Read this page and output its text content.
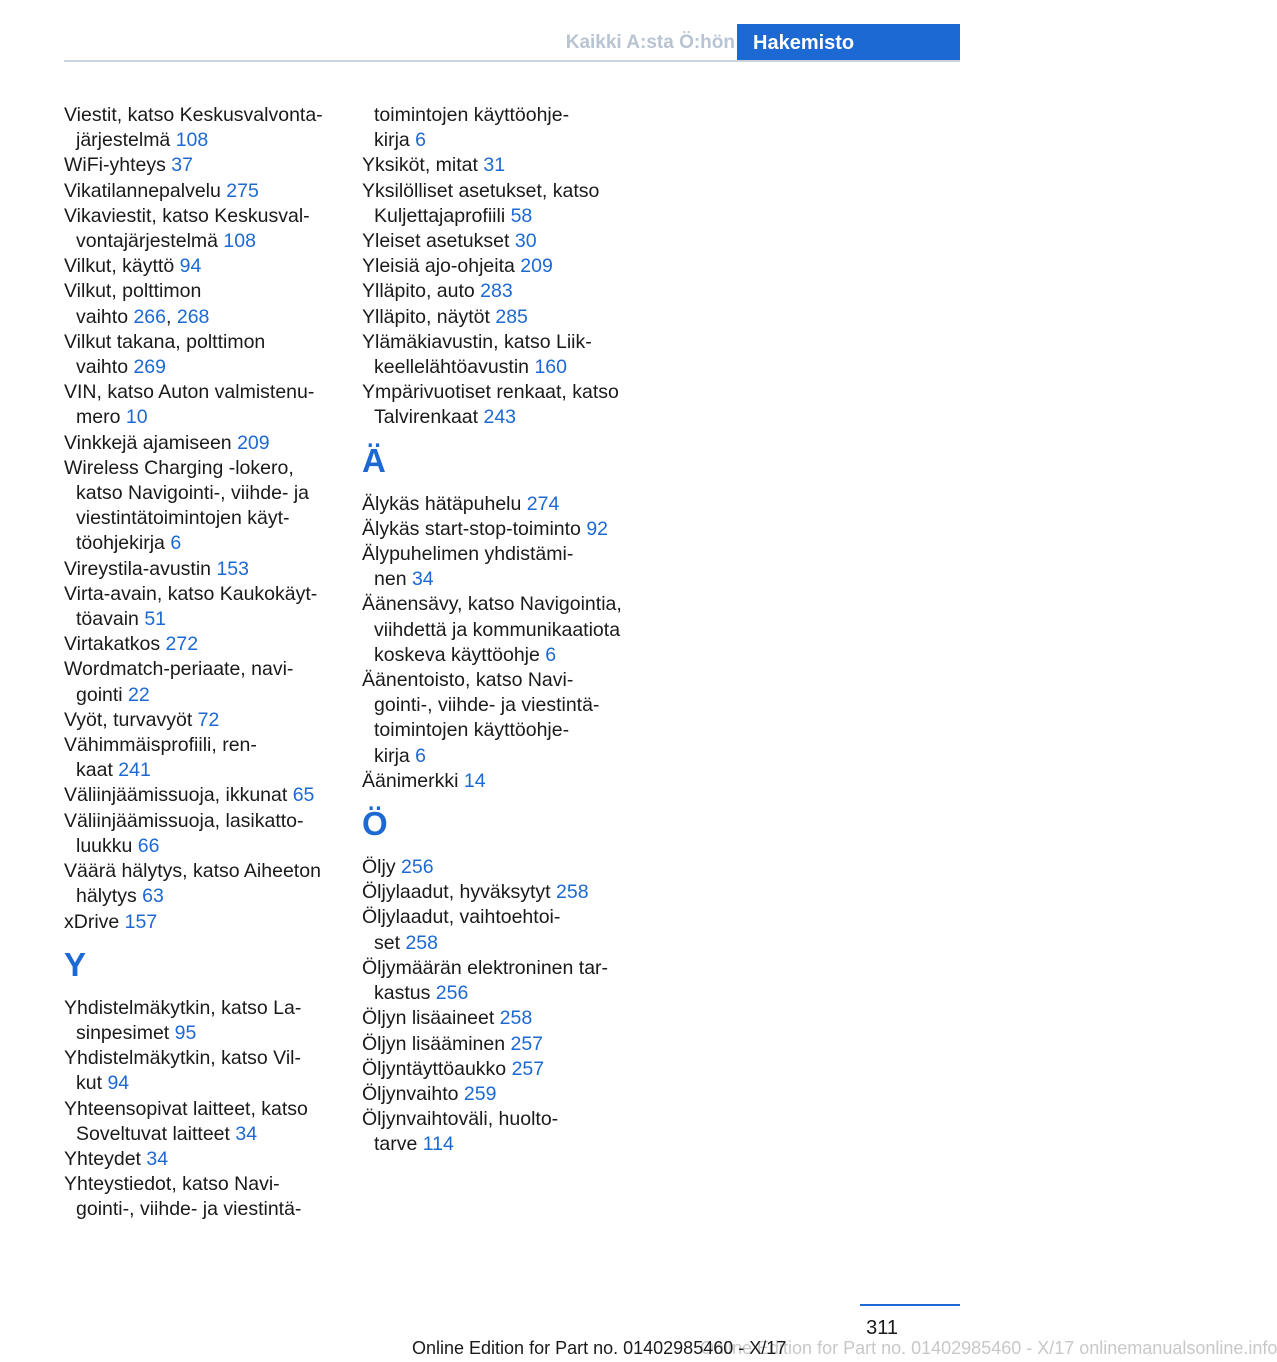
Kaikki A:sta Ö:hön Hakemisto
Viestit, katso Keskusvalvonta-
järjestelmä 108
WiFi-yhteys 37
Vikatilannepalvelu 275
Vikaviestit, katso Keskusval-
vontajärjestelmä 108
Vilkut, käyttö 94
Vilkut, polttimon
vaihto 266, 268
Vilkut takana, polttimon
vaihto 269
VIN, katso Auton valmistenu-
mero 10
Vinkkejä ajamiseen 209
Wireless Charging -lokero,
katso Navigointi-, viihde- ja
viestintätoimintojen käyt-
töohjekirja 6
Vireystila-avustin 153
Virta-avain, katso Kaukokäyt-
töavain 51
Virtakatkos 272
Wordmatch-periaate, navi-
gointi 22
Vyöt, turvavyöt 72
Vähimmäisprofiili, ren-
kaat 241
Väliinjäämissuoja, ikkunat 65
Väliinjäämissuoja, lasikatto-
luukku 66
Väärä hälytys, katso Aiheeton
hälytys 63
xDrive 157
Y
Yhdistelmäkytkin, katso La-
sinpesimet 95
Yhdistelmäkytkin, katso Vil-
kut 94
Yhteensopivat laitteet, katso
Soveltuvat laitteet 34
Yhteydet 34
Yhteystiedot, katso Navi-
gointi-, viihde- ja viestintä-
toimintojen käyttöohje-
kirja 6
Yksiköt, mitat 31
Yksilölliset asetukset, katso
Kuljettajaprofiili 58
Yleiset asetukset 30
Yleisiä ajo-ohjeita 209
Ylläpito, auto 283
Ylläpito, näytöt 285
Ylämäkiavustin, katso Liik-
keellelähtöavustin 160
Ympärivuotiset renkaat, katso
Talvirenkaat 243
Ä
Älykäs hätäpuhelu 274
Älykäs start-stop-toiminto 92
Älypuhelimen yhdistämi-
nen 34
Äänensävy, katso Navigointia,
viihdettä ja kommunikaatiota
koskeva käyttöohje 6
Äänentoisto, katso Navi-
gointi-, viihde- ja viestintä-
toimintojen käyttöohje-
kirja 6
Äänimerkki 14
Ö
Öljy 256
Öljylaadut, hyväksytyt 258
Öljylaadut, vaihtoehtoi-
set 258
Öljymäärän elektroninen tar-
kastus 256
Öljyn lisäaineet 258
Öljyn lisääminen 257
Öljyntäyttöaukko 257
Öljynvaihto 259
Öljynvaihtoväli, huolto-
tarve 114
311
Online Edition for Part no. 01402985460 - X/17 onlinemanualsonline.info
Online Edition for Part no. 01402985460 - X/17
